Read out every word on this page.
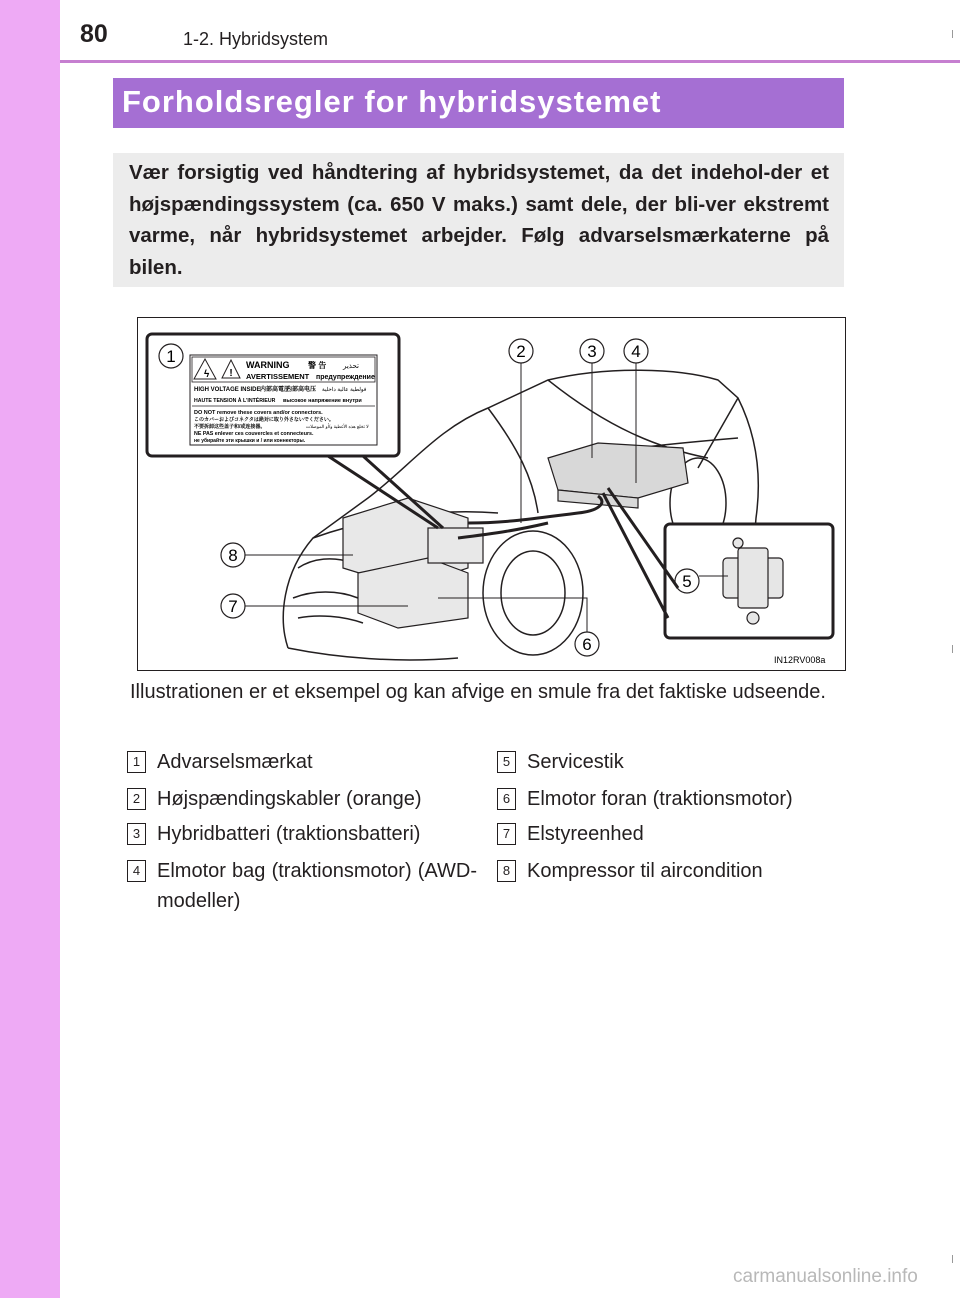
80	1-2. Hybridsystem
Forholdsregler for hybridsystemet

Vær forsigtig ved håndtering af hybridsystemet, da det indehol-der et højspændingssystem (ca. 650 V maks.) samt dele, der bli-ver ekstremt varme, når hybridsystemet arbejder. Følg advarselsmærkaterne på bilen.

1
ϟ !
WARNING 警 告 تحذير
AVERTISSEMENT предупреждение
HIGH VOLTAGE INSIDE 内部高電圧
内部高电压 فولطية عالية داخلية
HAUTE TENSION À L'INTÉRIEUR высокое напряжение внутри
DO NOT remove these covers and/or connectors.
このカバーおよびコネクタは絶対に取り外さないでください。
不要拆卸这些盖子和/或连接器。	لا تخلع هذه الأغطية و/أو الموصلات
NE PAS enlever ces couvercles et connecteurs.
не убирайте эти крышки и / или коннекторы.
2	3 4
5
8
7
6
IN12RV008a
Illustrationen er et eksempel og kan afvige en smule fra det faktiske udseende.
1 Advarselsmærkat
2 Højspændingskabler (orange)
3 Hybridbatteri (traktionsbatteri)
4 Elmotor bag (traktionsmotor) (AWD-modeller)
5 Servicestik
6 Elmotor foran (traktionsmotor)
7 Elstyreenhed
8 Kompressor til aircondition
carmanualsonline.info
